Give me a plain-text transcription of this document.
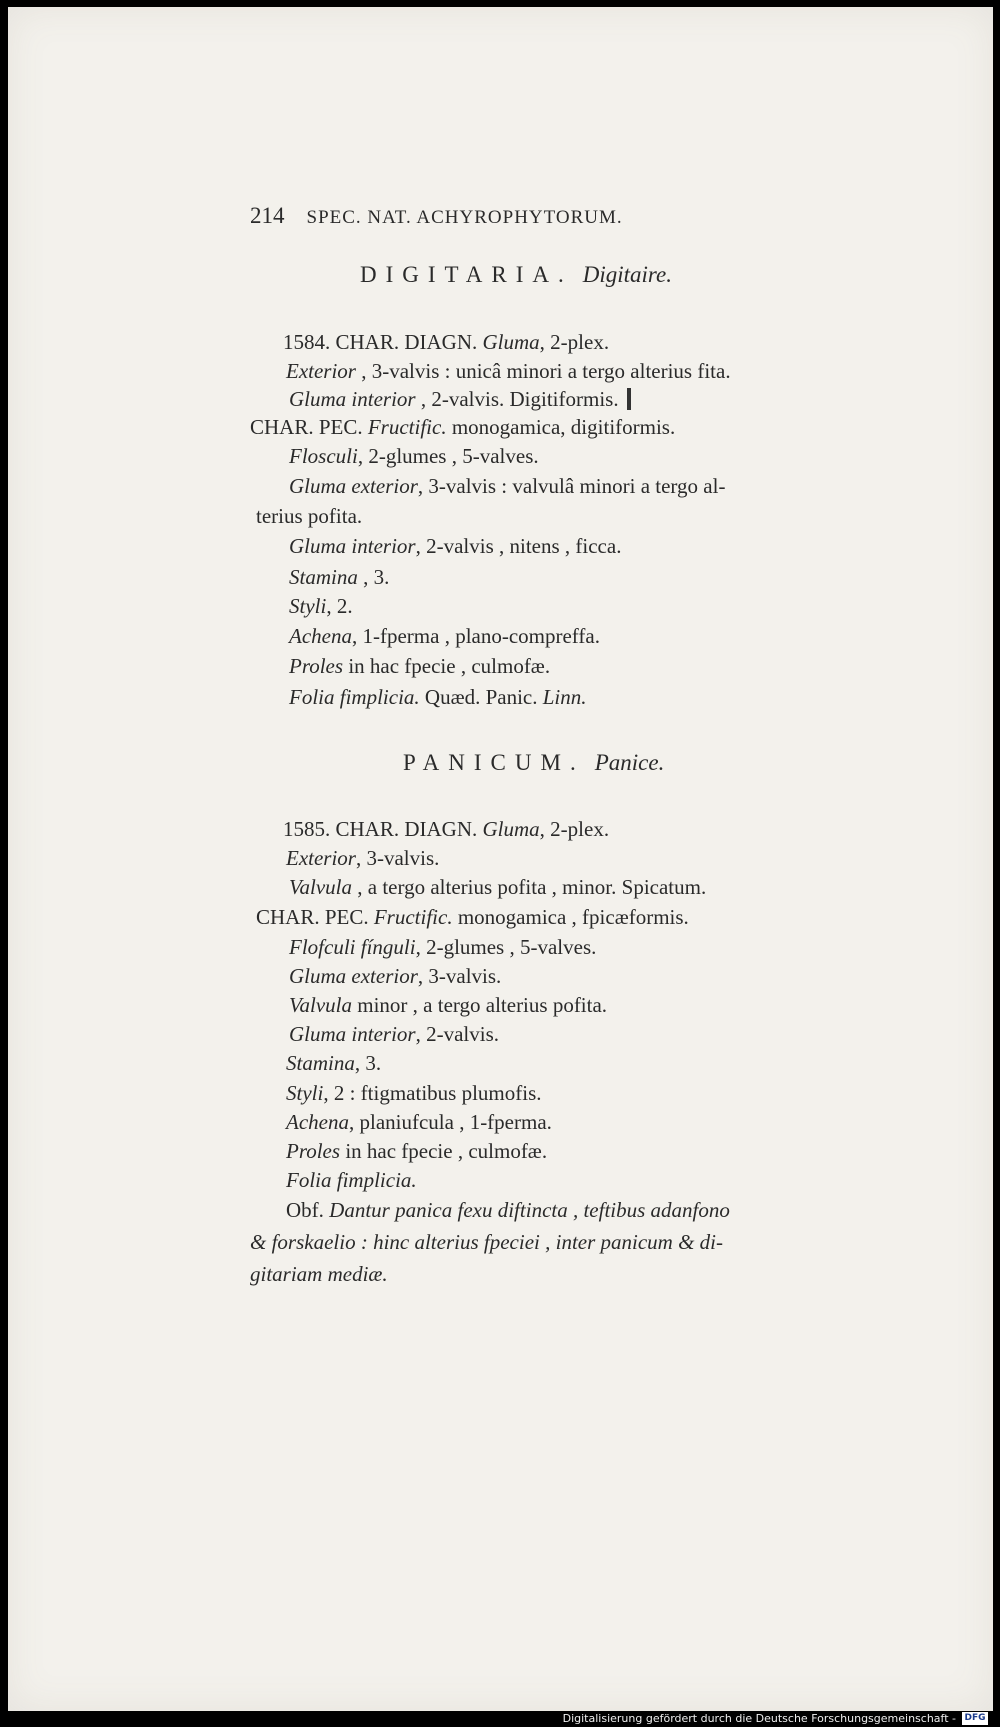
214 SPEC. NAT. ACHYROPHYTORUM.
DIGITARIA. Digitaire.
1584. CHAR. DIAGN. Gluma, 2-plex.
Exterior , 3-valvis : unicâ minori a tergo alterius fita.
Gluma interior , 2-valvis. Digitiformis.
CHAR. PEC. Fructific. monogamica, digitiformis.
Flosculi, 2-glumes , 5-valves.
Gluma exterior, 3-valvis : valvulâ minori a tergo al-
terius pofita.
Gluma interior, 2-valvis , nitens , ficca.
Stamina , 3.
Styli, 2.
Achena, 1-fperma , plano-compreffa.
Proles in hac fpecie , culmofæ.
Folia fimplicia. Quæd. Panic. Linn.
PANICUM. Panice.
1585. CHAR. DIAGN. Gluma, 2-plex.
Exterior, 3-valvis.
Valvula , a tergo alterius pofita , minor. Spicatum.
CHAR. PEC. Fructific. monogamica , fpicæformis.
Flofculi fínguli, 2-glumes , 5-valves.
Gluma exterior, 3-valvis.
Valvula minor , a tergo alterius pofita.
Gluma interior, 2-valvis.
Stamina, 3.
Styli, 2 : ftigmatibus plumofis.
Achena, planiufcula , 1-fperma.
Proles in hac fpecie , culmofæ.
Folia fimplicia.
Obf. Dantur panica fexu diftincta , teftibus adanfono
& forskaelio : hinc alterius fpeciei , inter panicum & di-
gitariam mediæ.
Digitalisierung gefördert durch die Deutsche Forschungsgemeinschaft - DFG
